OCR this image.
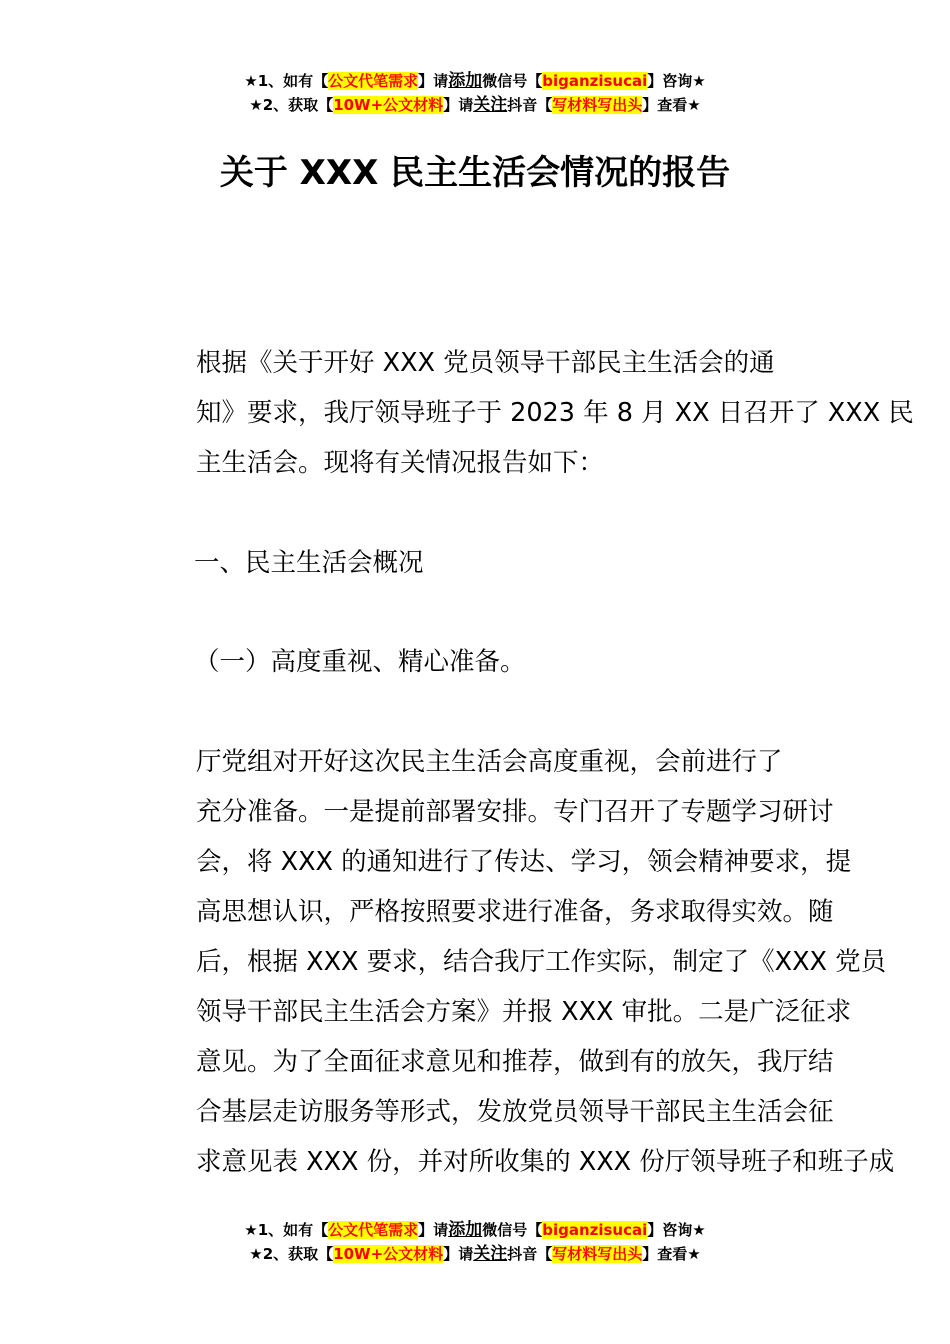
★1、如有【公文代笔需求】请添加微信号【biganzisucai】咨询★
★2、获取【10W+公文材料】请关注抖音【写材料写出头】查看★
关于 XXX 民主生活会情况的报告
根据《关于开好 XXX 党员领导干部民主生活会的通
知》要求，我厅领导班子于 2023 年 8 月 XX 日召开了 XXX 民
主生活会。现将有关情况报告如下：
一、民主生活会概况
（一）高度重视、精心准备。
厅党组对开好这次民主生活会高度重视，会前进行了
充分准备。一是提前部署安排。专门召开了专题学习研讨
会，将 XXX 的通知进行了传达、学习，领会精神要求，提
高思想认识，严格按照要求进行准备，务求取得实效。随
后，根据 XXX 要求，结合我厅工作实际，制定了《XXX 党员
领导干部民主生活会方案》并报 XXX 审批。二是广泛征求
意见。为了全面征求意见和推荐，做到有的放矢，我厅结
合基层走访服务等形式，发放党员领导干部民主生活会征
求意见表 XXX 份，并对所收集的 XXX 份厅领导班子和班子成
★1、如有【公文代笔需求】请添加微信号【biganzisucai】咨询★
★2、获取【10W+公文材料】请关注抖音【写材料写出头】查看★
